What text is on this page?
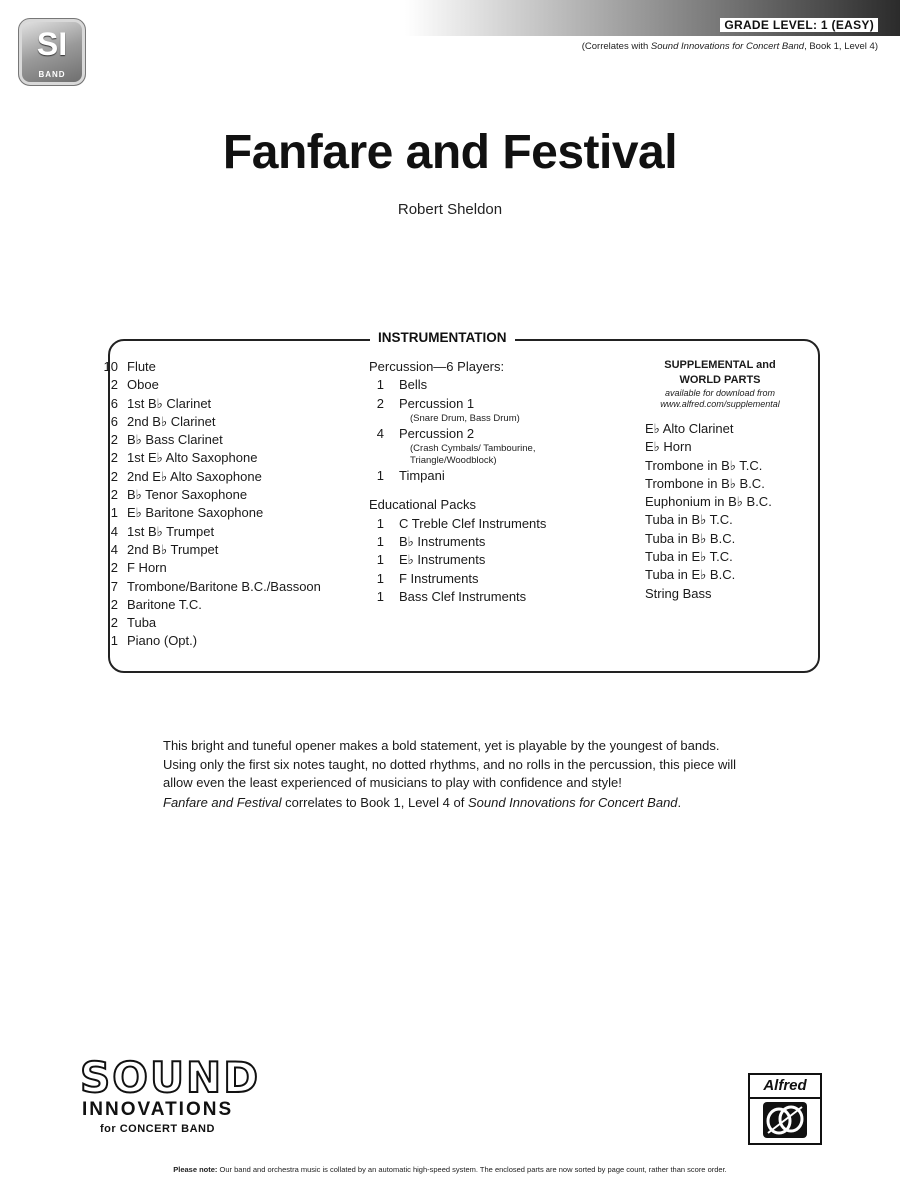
SI
BAND
GRADE LEVEL: 1 (EASY)
(Correlates with Sound Innovations for Concert Band, Book 1, Level 4)
Fanfare and Festival
Robert Sheldon
INSTRUMENTATION
10 Flute
2 Oboe
6 1st B♭ Clarinet
6 2nd B♭ Clarinet
2 B♭ Bass Clarinet
2 1st E♭ Alto Saxophone
2 2nd E♭ Alto Saxophone
2 B♭ Tenor Saxophone
1 E♭ Baritone Saxophone
4 1st B♭ Trumpet
4 2nd B♭ Trumpet
2 F Horn
7 Trombone/Baritone B.C./Bassoon
2 Baritone T.C.
2 Tuba
1 Piano (Opt.)
Percussion—6 Players:
1 Bells
2 Percussion 1
(Snare Drum, Bass Drum)
4 Percussion 2
(Crash Cymbals/ Tambourine,
Triangle/Woodblock)
1 Timpani
Educational Packs
1 C Treble Clef Instruments
1 B♭ Instruments
1 E♭ Instruments
1 F Instruments
1 Bass Clef Instruments
SUPPLEMENTAL and
WORLD PARTS
available for download from
www.alfred.com/supplemental
E♭ Alto Clarinet
E♭ Horn
Trombone in B♭ T.C.
Trombone in B♭ B.C.
Euphonium in B♭ B.C.
Tuba in B♭ T.C.
Tuba in B♭ B.C.
Tuba in E♭ T.C.
Tuba in E♭ B.C.
String Bass

This bright and tuneful opener makes a bold statement, yet is playable by the youngest of bands. Using only the first six notes taught, no dotted rhythms, and no rolls in the percussion, this piece will allow even the least experienced of musicians to play with confidence and style!

Fanfare and Festival correlates to Book 1, Level 4 of Sound Innovations for Concert Band.

SOUND
INNOVATIONS
for CONCERT BAND
Alfred
Please note: Our band and orchestra music is collated by an automatic high-speed system. The enclosed parts are now sorted by page count, rather than score order.
